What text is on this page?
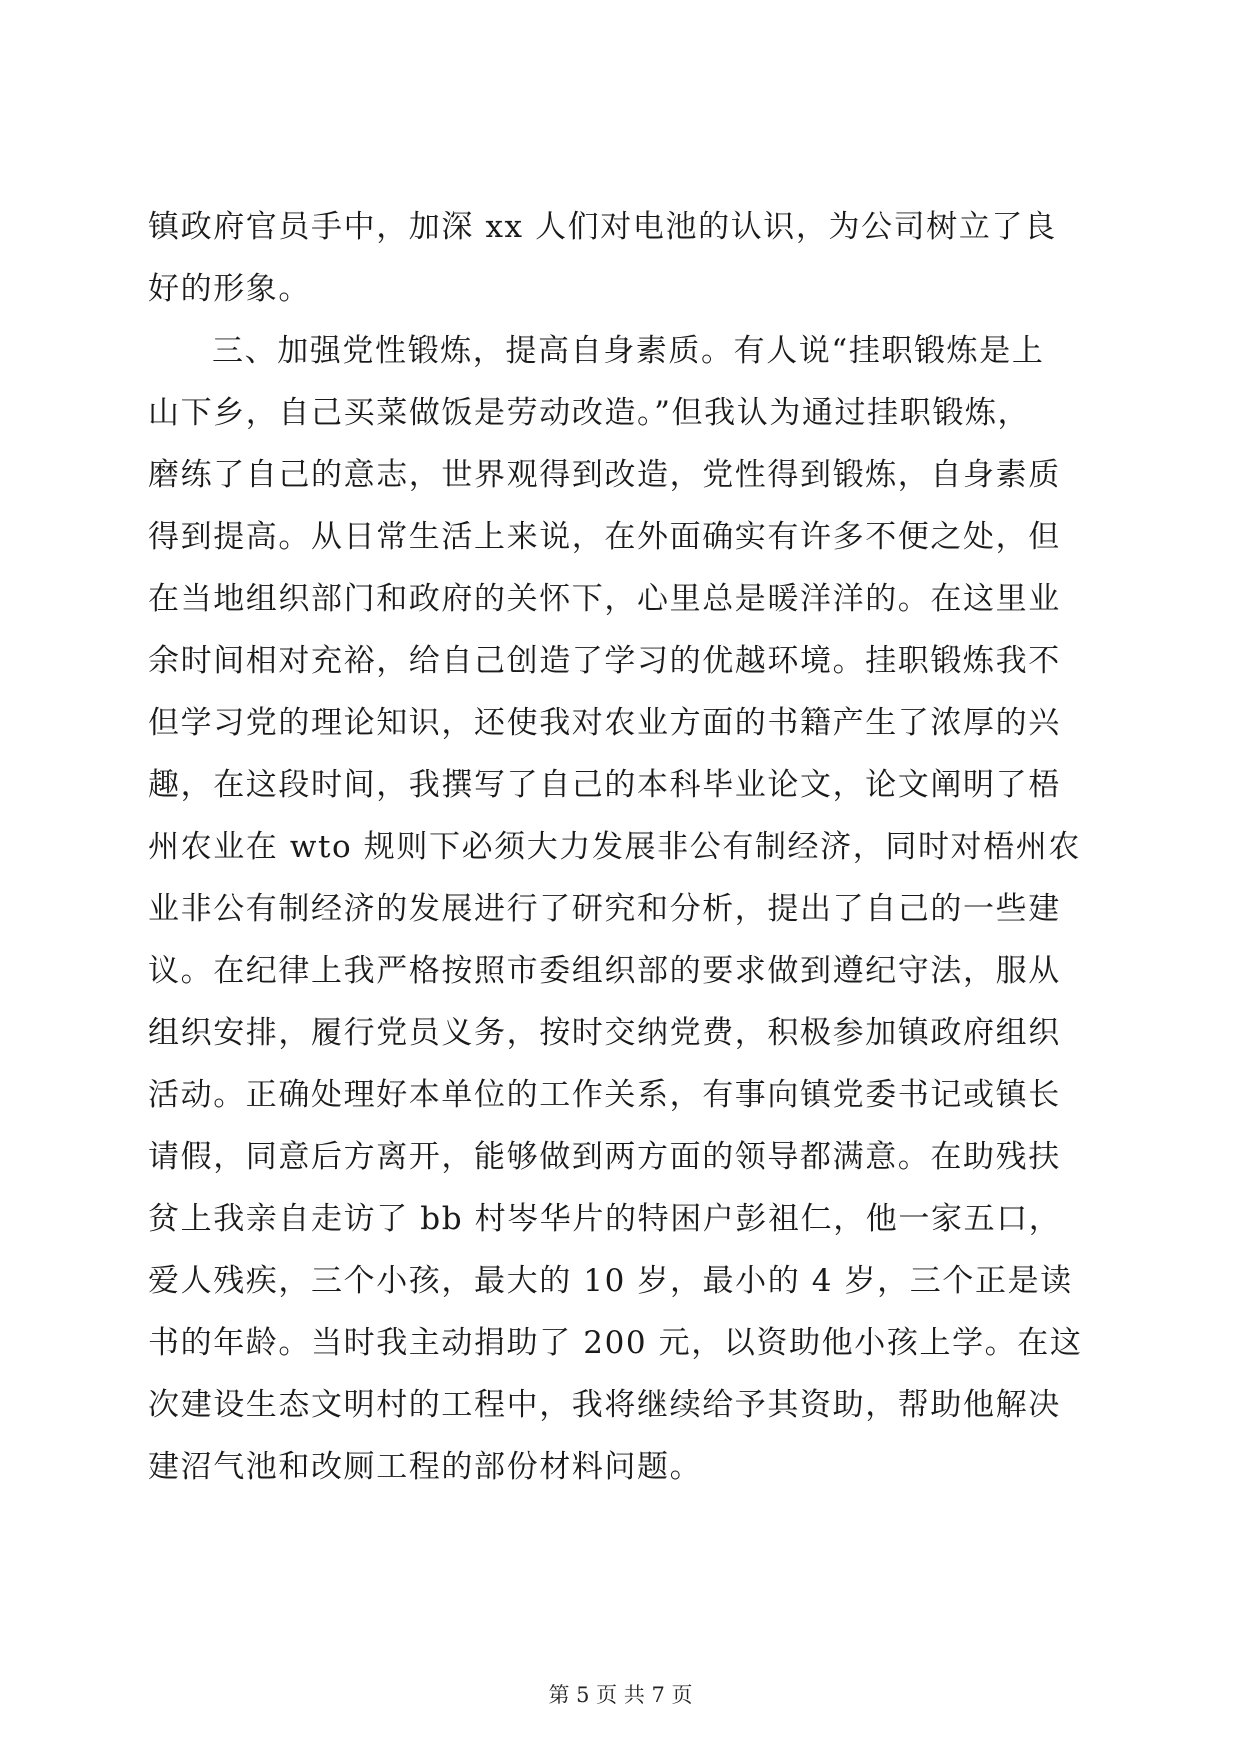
镇政府官员手中，加深 xx 人们对电池的认识，为公司树立了良
好的形象。
三、加强党性锻炼，提高自身素质。有人说“挂职锻炼是上
山下乡，自己买菜做饭是劳动改造。”但我认为通过挂职锻炼，
磨练了自己的意志，世界观得到改造，党性得到锻炼，自身素质
得到提高。从日常生活上来说，在外面确实有许多不便之处，但
在当地组织部门和政府的关怀下，心里总是暖洋洋的。在这里业
余时间相对充裕，给自己创造了学习的优越环境。挂职锻炼我不
但学习党的理论知识，还使我对农业方面的书籍产生了浓厚的兴
趣，在这段时间，我撰写了自己的本科毕业论文，论文阐明了梧
州农业在 wto 规则下必须大力发展非公有制经济，同时对梧州农
业非公有制经济的发展进行了研究和分析，提出了自己的一些建
议。在纪律上我严格按照市委组织部的要求做到遵纪守法，服从
组织安排，履行党员义务，按时交纳党费，积极参加镇政府组织
活动。正确处理好本单位的工作关系，有事向镇党委书记或镇长
请假，同意后方离开，能够做到两方面的领导都满意。在助残扶
贫上我亲自走访了 bb 村岑华片的特困户彭祖仁，他一家五口，
爱人残疾，三个小孩，最大的 10 岁，最小的 4 岁，三个正是读
书的年龄。当时我主动捐助了 200 元，以资助他小孩上学。在这
次建设生态文明村的工程中，我将继续给予其资助，帮助他解决
建沼气池和改厕工程的部份材料问题。
第 5 页 共 7 页
